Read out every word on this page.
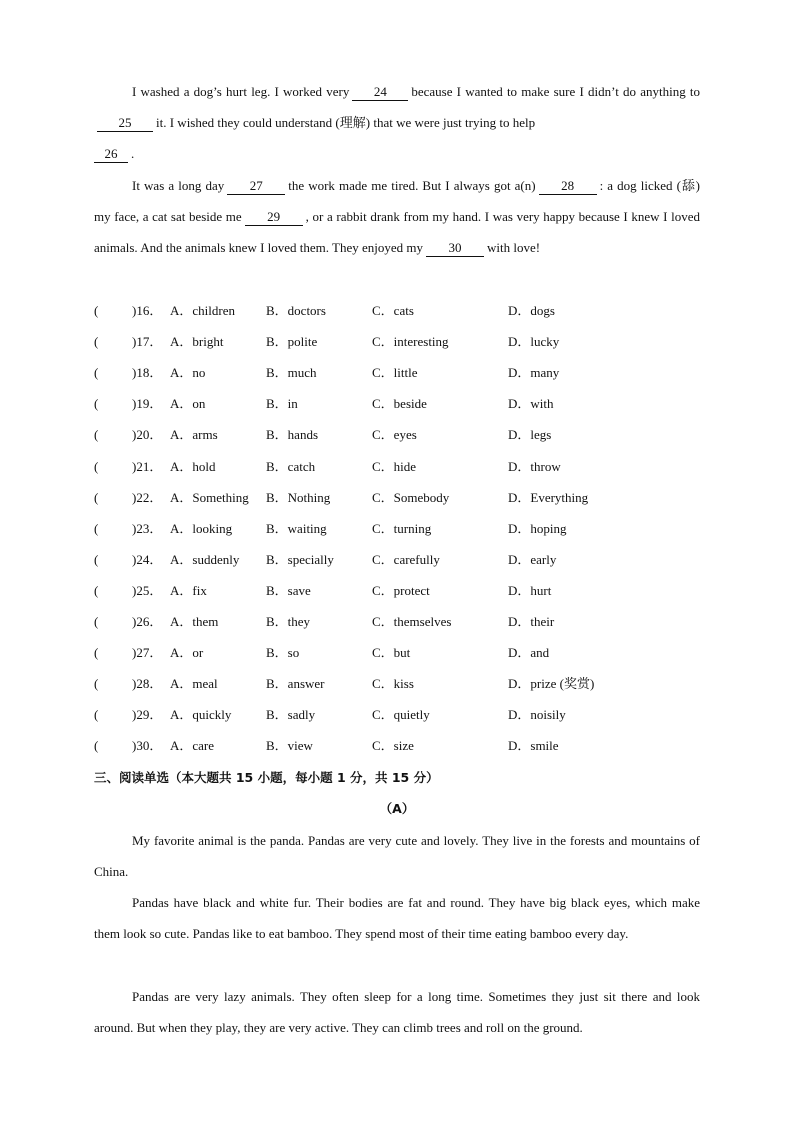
I washed a dog’s hurt leg. I worked very 24 because I wanted to make sure I didn’t do anything to25 it. I wished they could understand (理解) that we were just trying to help
26 .

It was a long day 27 the work made me tired. But I always got a(n) 28 : a dog licked (舔) my face, a cat sat beside me 29 , or a rabbit drank from my hand. I was very happy because I knew I loved animals. And the animals knew I loved them. They enjoyed my 30 with love!

(	)16． A．children B．doctors	C．cats	D．dogs
(	)17． A．bright	B．polite	C．interesting	D．lucky
(	)18． A．no	B．much	C．little	D．many
(	)19． A．on	B．in	C．beside	D．with
(	)20． A．arms	B．hands	C．eyes	D．legs
(	)21． A．hold	B．catch	C．hide	D．throw
(	)22． A．Something B．Nothing	C．Somebody	D．Everything
(	)23． A．looking	B．waiting	C．turning	D．hoping
(	)24． A．suddenly B．specially	C．carefully	D．early
(	)25． A．fix	B．save	C．protect	D．hurt
(	)26． A．them	B．they	C．themselves	D．their
(	)27． A．or	B．so	C．but	D．and
(	)28． A．meal	B．answer	C．kiss	D．prize (奖赏)
(	)29． A．quickly	B．sadly	C．quietly	D．noisily
(	)30． A．care	B．view	C．size	D．smile
三、阅读单选（本大题共 15 小题，每小题 1 分，共 15 分）
（A）

My favorite animal is the panda. Pandas are very cute and lovely. They live in the forests and mountains of China.

Pandas have black and white fur. Their bodies are fat and round. They have big black eyes, which make them look so cute. Pandas like to eat bamboo. They spend most of their time eating bamboo every day.

Pandas are very lazy animals. They often sleep for a long time. Sometimes they just sit there and look around. But when they play, they are very active. They can climb trees and roll on the ground.
